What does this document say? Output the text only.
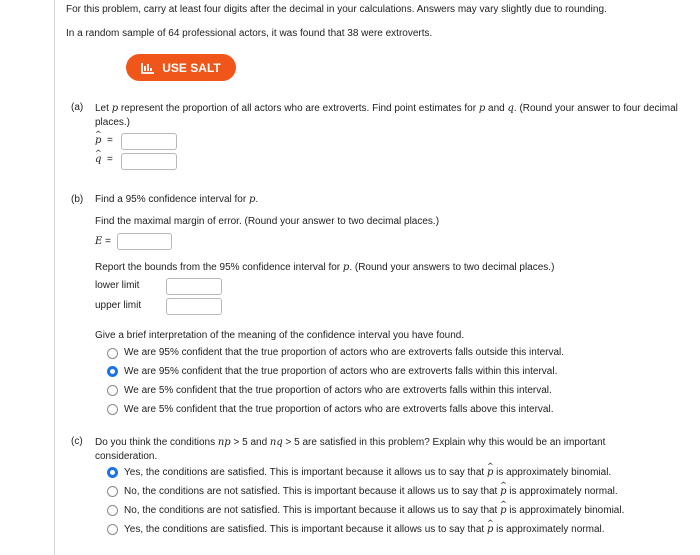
For this problem, carry at least four digits after the decimal in your calculations. Answers may vary slightly due to rounding.
In a random sample of 64 professional actors, it was found that 38 were extroverts.
USE SALT
(a) Let p represent the proportion of all actors who are extroverts. Find point estimates for p and q. (Round your answer to four decimal places.)
^ p =
^ q =
(b) Find a 95% confidence interval for p.
Find the maximal margin of error. (Round your answer to two decimal places.)
E =
Report the bounds from the 95% confidence interval for p. (Round your answers to two decimal places.)
lower limit
upper limit
Give a brief interpretation of the meaning of the confidence interval you have found.
We are 95% confident that the true proportion of actors who are extroverts falls outside this interval.
We are 95% confident that the true proportion of actors who are extroverts falls within this interval.
We are 5% confident that the true proportion of actors who are extroverts falls within this interval.
We are 5% confident that the true proportion of actors who are extroverts falls above this interval.
(c) Do you think the conditions np > 5 and nq > 5 are satisfied in this problem? Explain why this would be an important consideration.
Yes, the conditions are satisfied. This is important because it allows us to say that ^ p is approximately binomial.
No, the conditions are not satisfied. This is important because it allows us to say that ^ p is approximately normal.
No, the conditions are not satisfied. This is important because it allows us to say that ^ p is approximately binomial.
Yes, the conditions are satisfied. This is important because it allows us to say that ^ p is approximately normal.
